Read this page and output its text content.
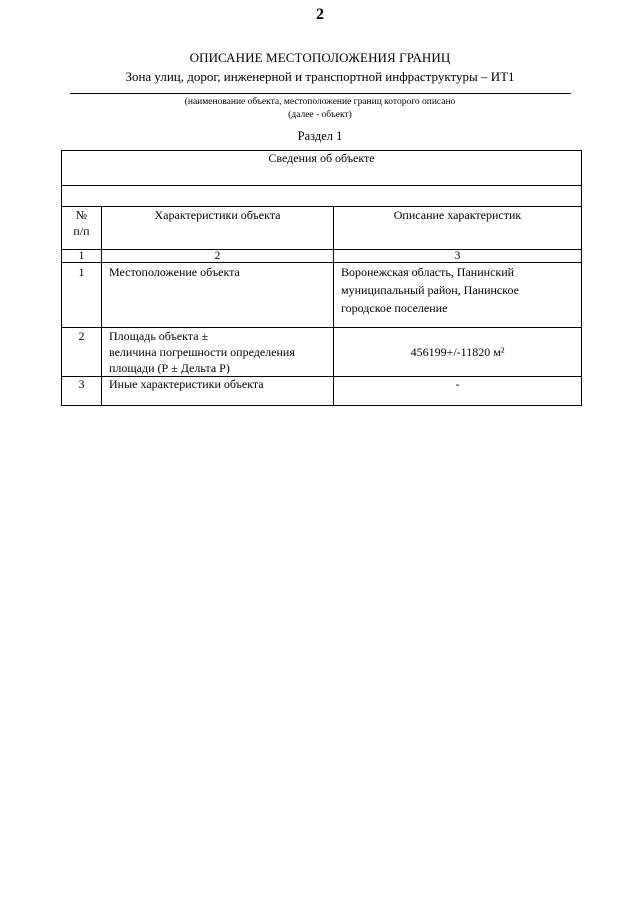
2
ОПИСАНИЕ МЕСТОПОЛОЖЕНИЯ ГРАНИЦ
Зона улиц, дорог, инженерной и транспортной инфраструктуры – ИТ1
(наименование объекта, местоположение границ которого описано
(далее - объект)
Раздел 1
Сведения об объекте		

№
п/п	Характеристики объекта	Описание характеристик
1	2	3
1	Местоположение объекта	Воронежская область, Панинский
муниципальный район, Панинское
городское поселение

2	Площадь объекта ±
величина погрешности определения
площади (Р ± Дельта Р)	456199+/-11820 м²
3	Иные характеристики объекта	-
